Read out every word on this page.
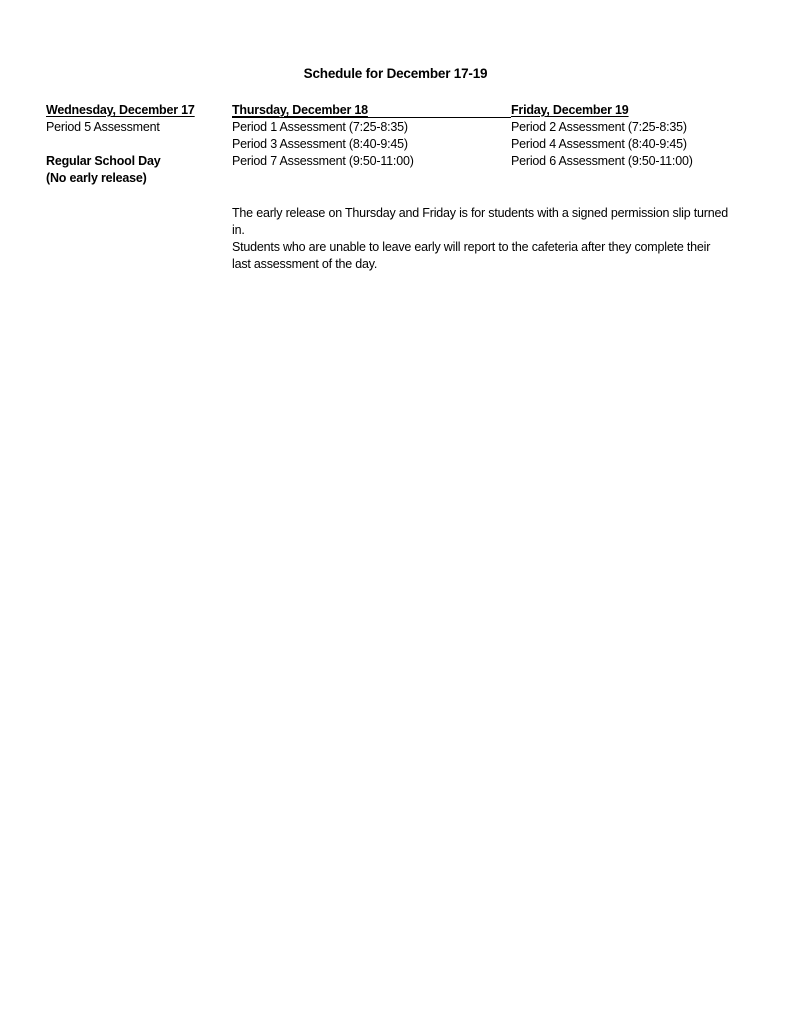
Schedule for December 17-19
Wednesday, December 17
Period 5 Assessment
Regular School Day
(No early release)
Thursday, December 18
Period 1 Assessment (7:25-8:35)
Period 3 Assessment (8:40-9:45)
Period 7 Assessment (9:50-11:00)
Friday, December 19
Period 2 Assessment (7:25-8:35)
Period 4 Assessment (8:40-9:45)
Period 6 Assessment (9:50-11:00)

The early release on Thursday and Friday is for students with a signed permission slip turned in.

Students who are unable to leave early will report to the cafeteria after they complete their last assessment of the day.
